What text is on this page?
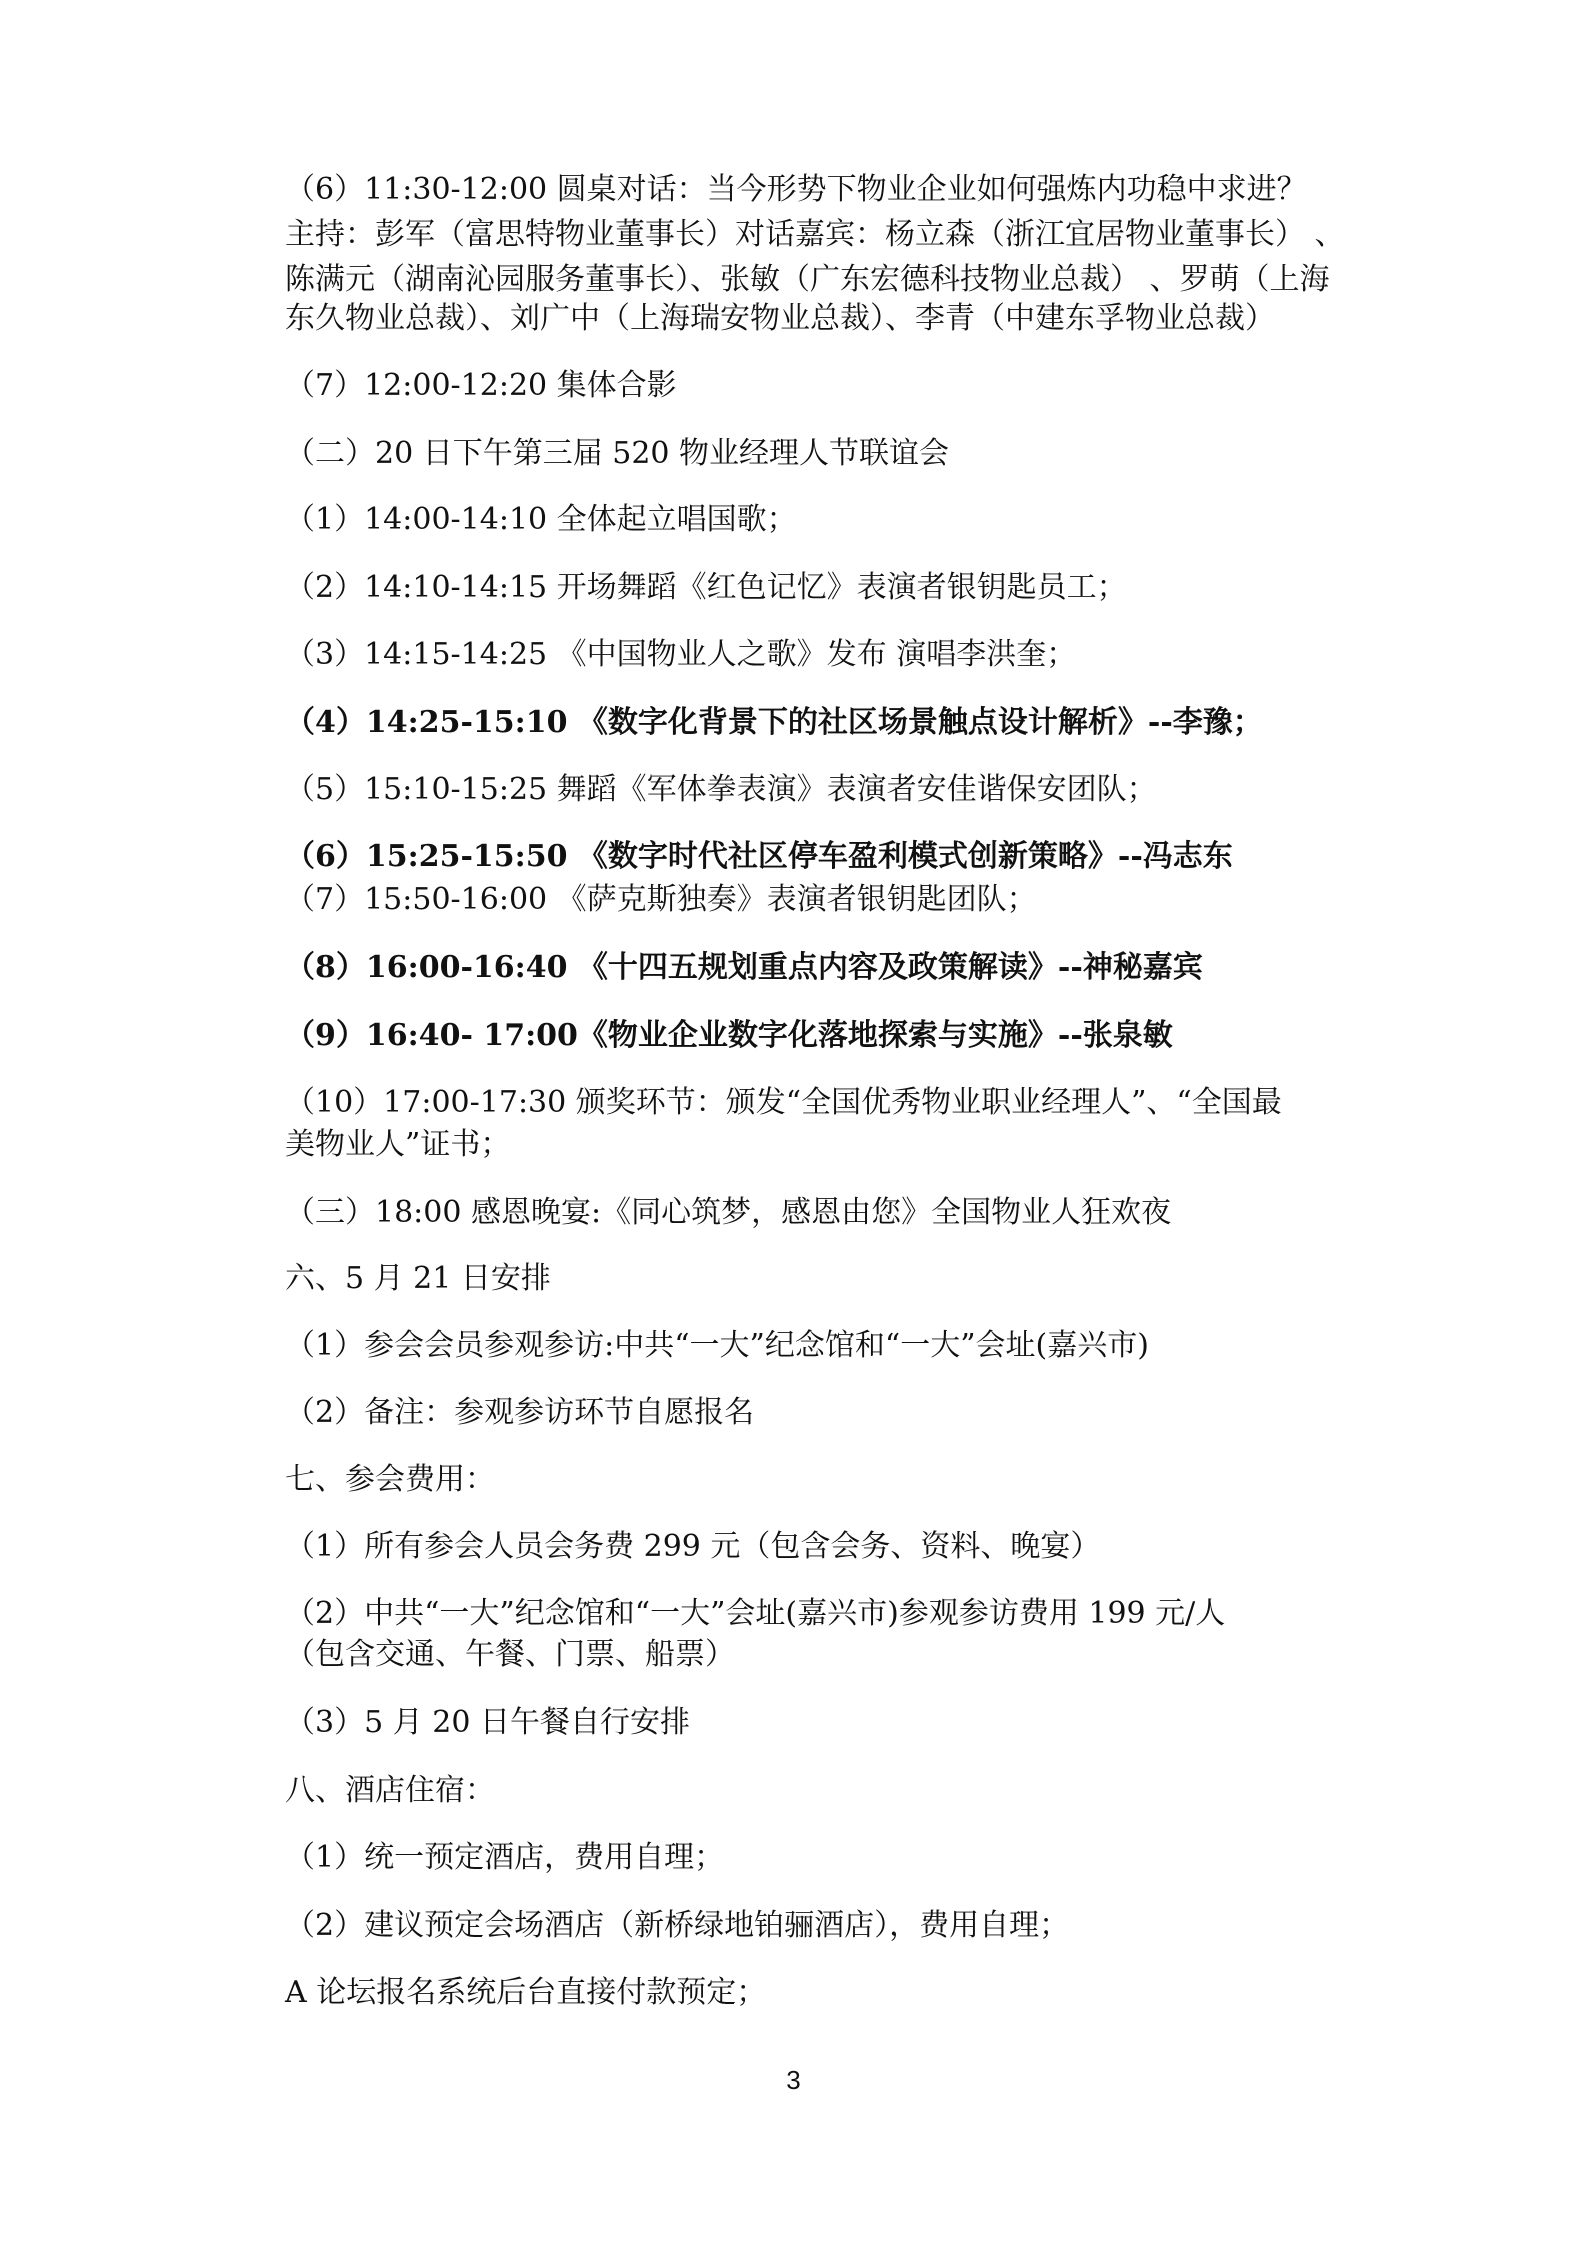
（6）11:30-12:00 圆桌对话：当今形势下物业企业如何强炼内功稳中求进？
主持：彭军（富思特物业董事长）对话嘉宾：杨立森（浙江宜居物业董事长） 、
陈满元（湖南沁园服务董事长）、张敏（广东宏德科技物业总裁） 、罗萌（上海
东久物业总裁）、刘广中（上海瑞安物业总裁）、李青（中建东孚物业总裁）
（7）12:00-12:20 集体合影
（二）20 日下午第三届 520 物业经理人节联谊会
（1）14:00-14:10 全体起立唱国歌；
（2）14:10-14:15 开场舞蹈《红色记忆》表演者银钥匙员工；
（3）14:15-14:25 《中国物业人之歌》发布 演唱李洪奎；
（4）14:25-15:10 《数字化背景下的社区场景触点设计解析》--李豫；
（5）15:10-15:25 舞蹈《军体拳表演》表演者安佳谐保安团队；
（6）15:25-15:50 《数字时代社区停车盈利模式创新策略》--冯志东
（7）15:50-16:00 《萨克斯独奏》表演者银钥匙团队；
（8）16:00-16:40 《十四五规划重点内容及政策解读》--神秘嘉宾
（9）16:40- 17:00《物业企业数字化落地探索与实施》--张泉敏
（10）17:00-17:30 颁奖环节：颁发“全国优秀物业职业经理人”、“全国最
美物业人”证书；
（三）18:00 感恩晚宴:《同心筑梦，感恩由您》全国物业人狂欢夜
六、5 月 21 日安排
（1）参会会员参观参访:中共“一大”纪念馆和“一大”会址(嘉兴市)
（2）备注：参观参访环节自愿报名
七、参会费用：
（1）所有参会人员会务费 299 元（包含会务、资料、晚宴）
（2）中共“一大”纪念馆和“一大”会址(嘉兴市)参观参访费用 199 元/人
（包含交通、午餐、门票、船票）
（3）5 月 20 日午餐自行安排
八、酒店住宿：
（1）统一预定酒店，费用自理；
（2）建议预定会场酒店（新桥绿地铂骊酒店），费用自理；
A 论坛报名系统后台直接付款预定；
3
